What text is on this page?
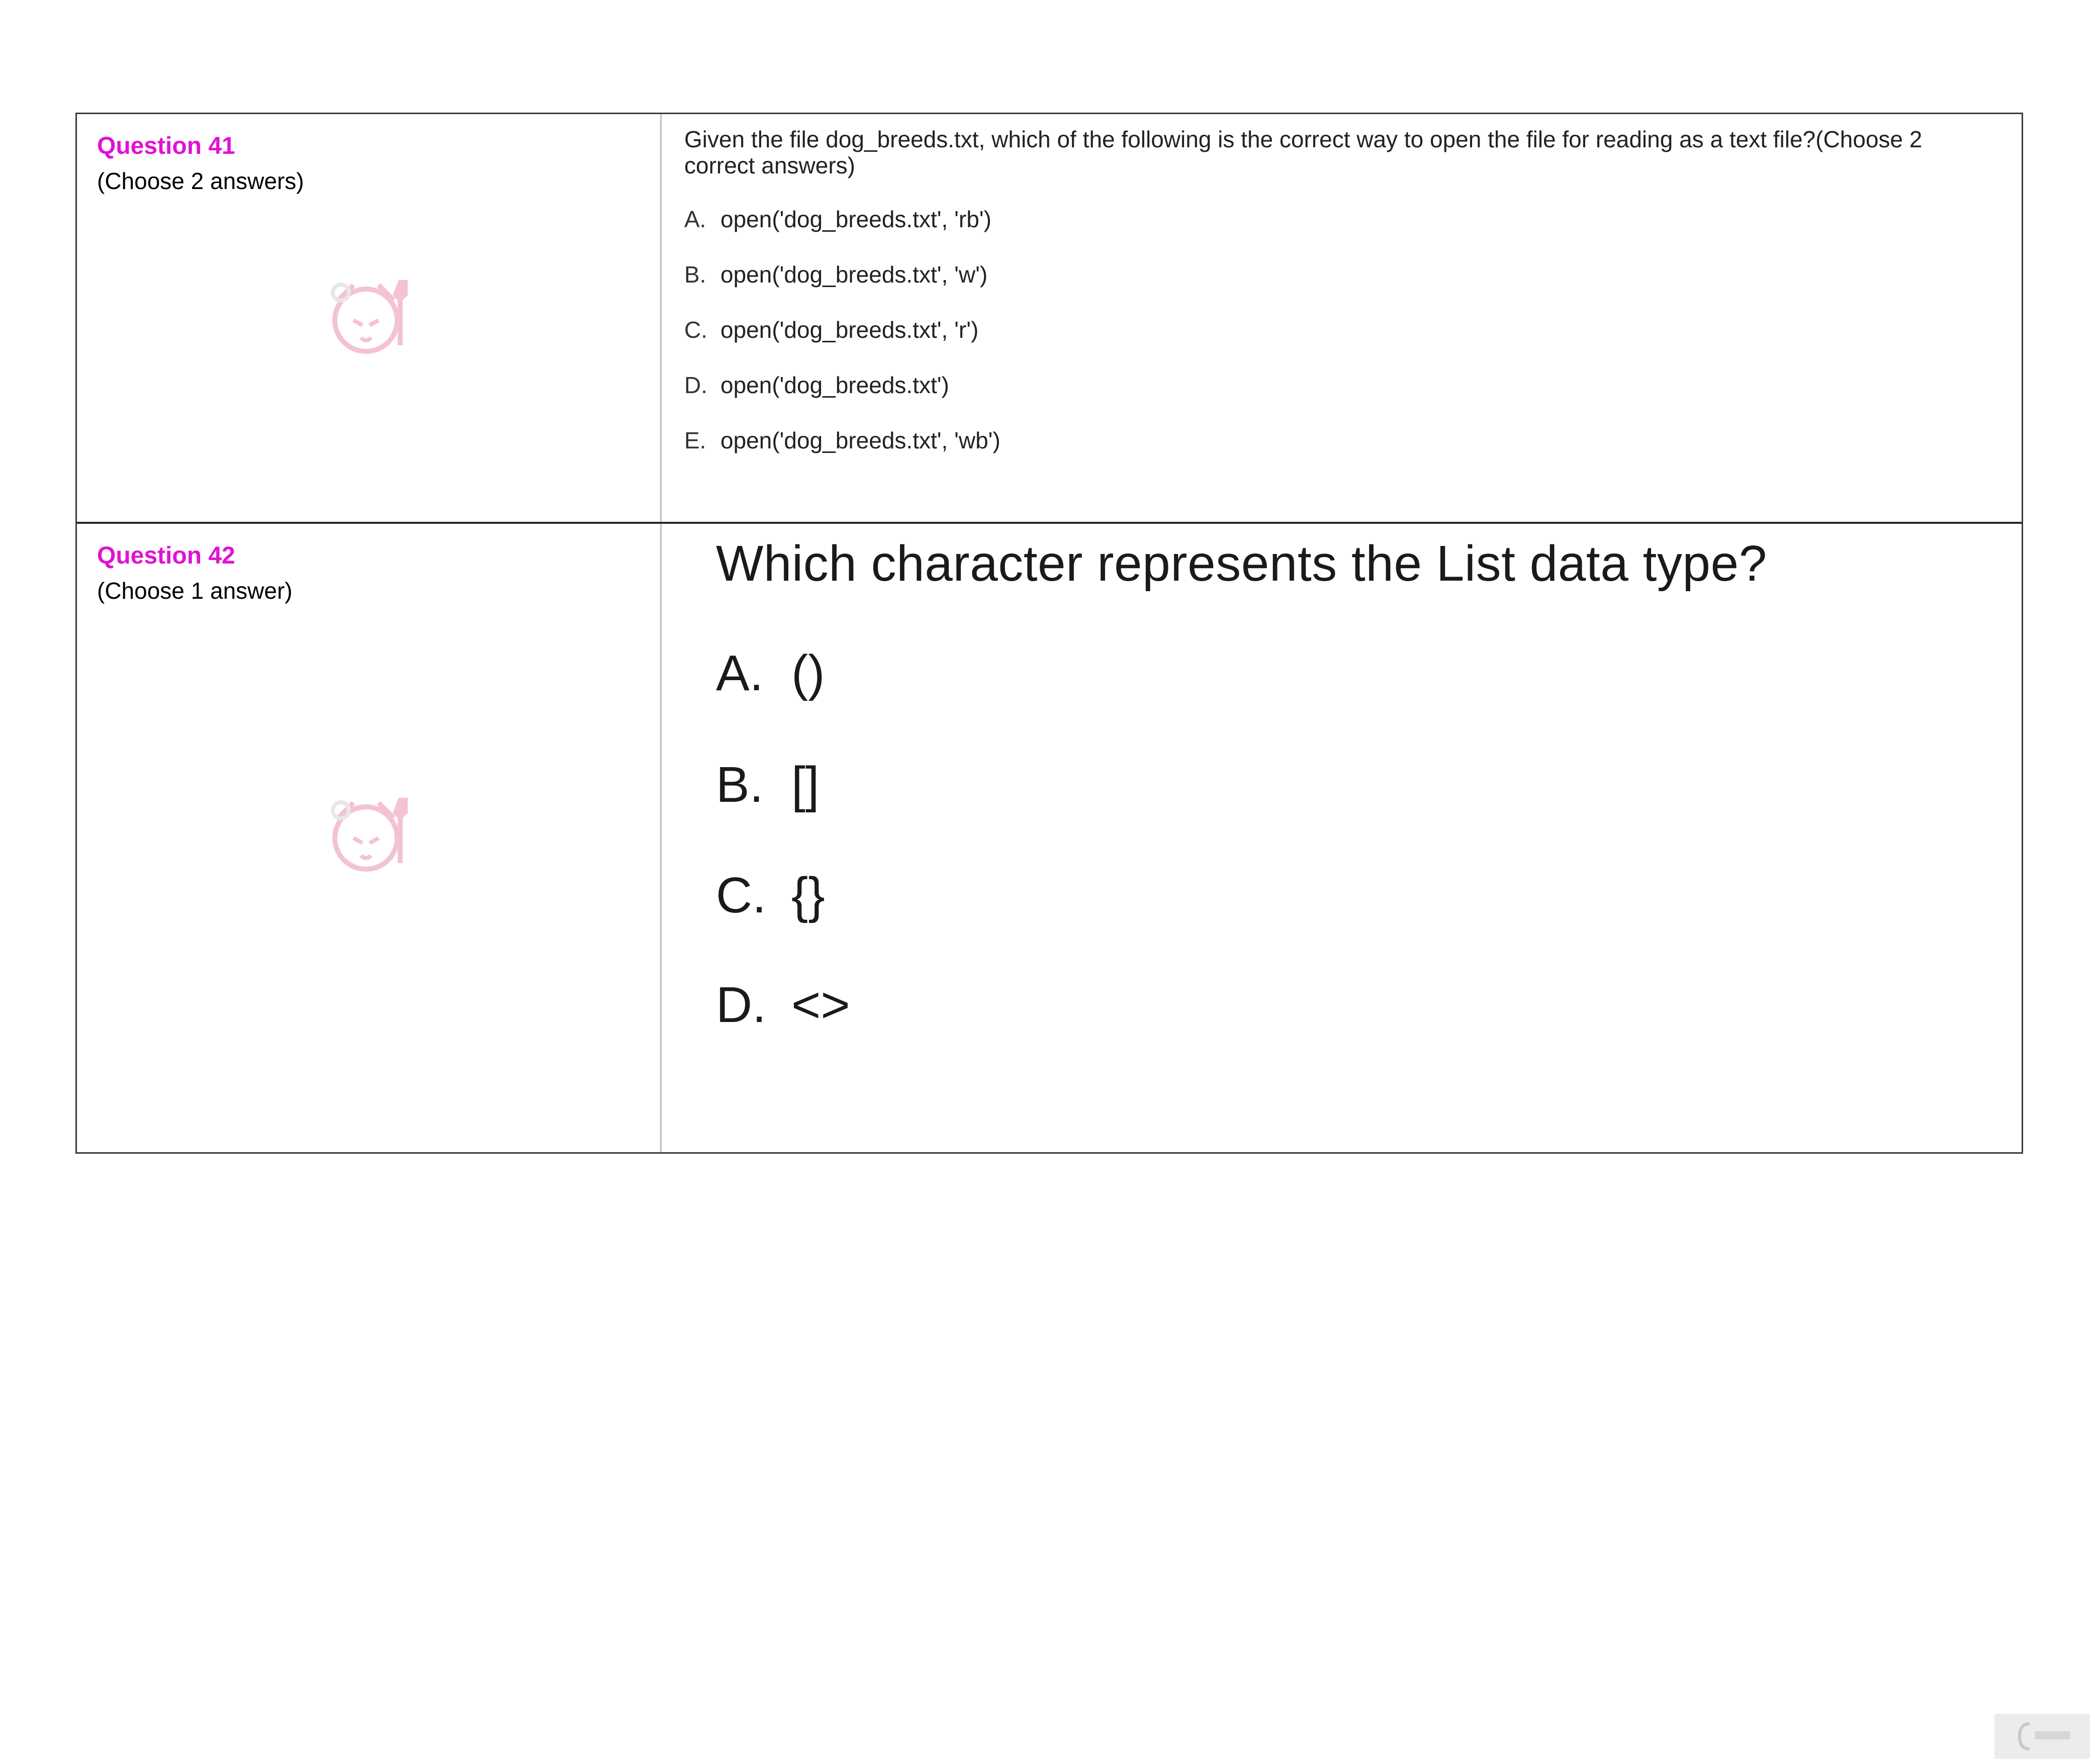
Question 41
(Choose 2 answers)
Given the file dog_breeds.txt, which of the following is the correct way to open the file for reading as a text file?(Choose 2 correct answers)
A. open('dog_breeds.txt', 'rb')
B. open('dog_breeds.txt', 'w')
C. open('dog_breeds.txt', 'r')
D. open('dog_breeds.txt')
E. open('dog_breeds.txt', 'wb')
Question 42
(Choose 1 answer)	Which character represents the List data type?
A. ()
B. []
C. {}
D. <>
